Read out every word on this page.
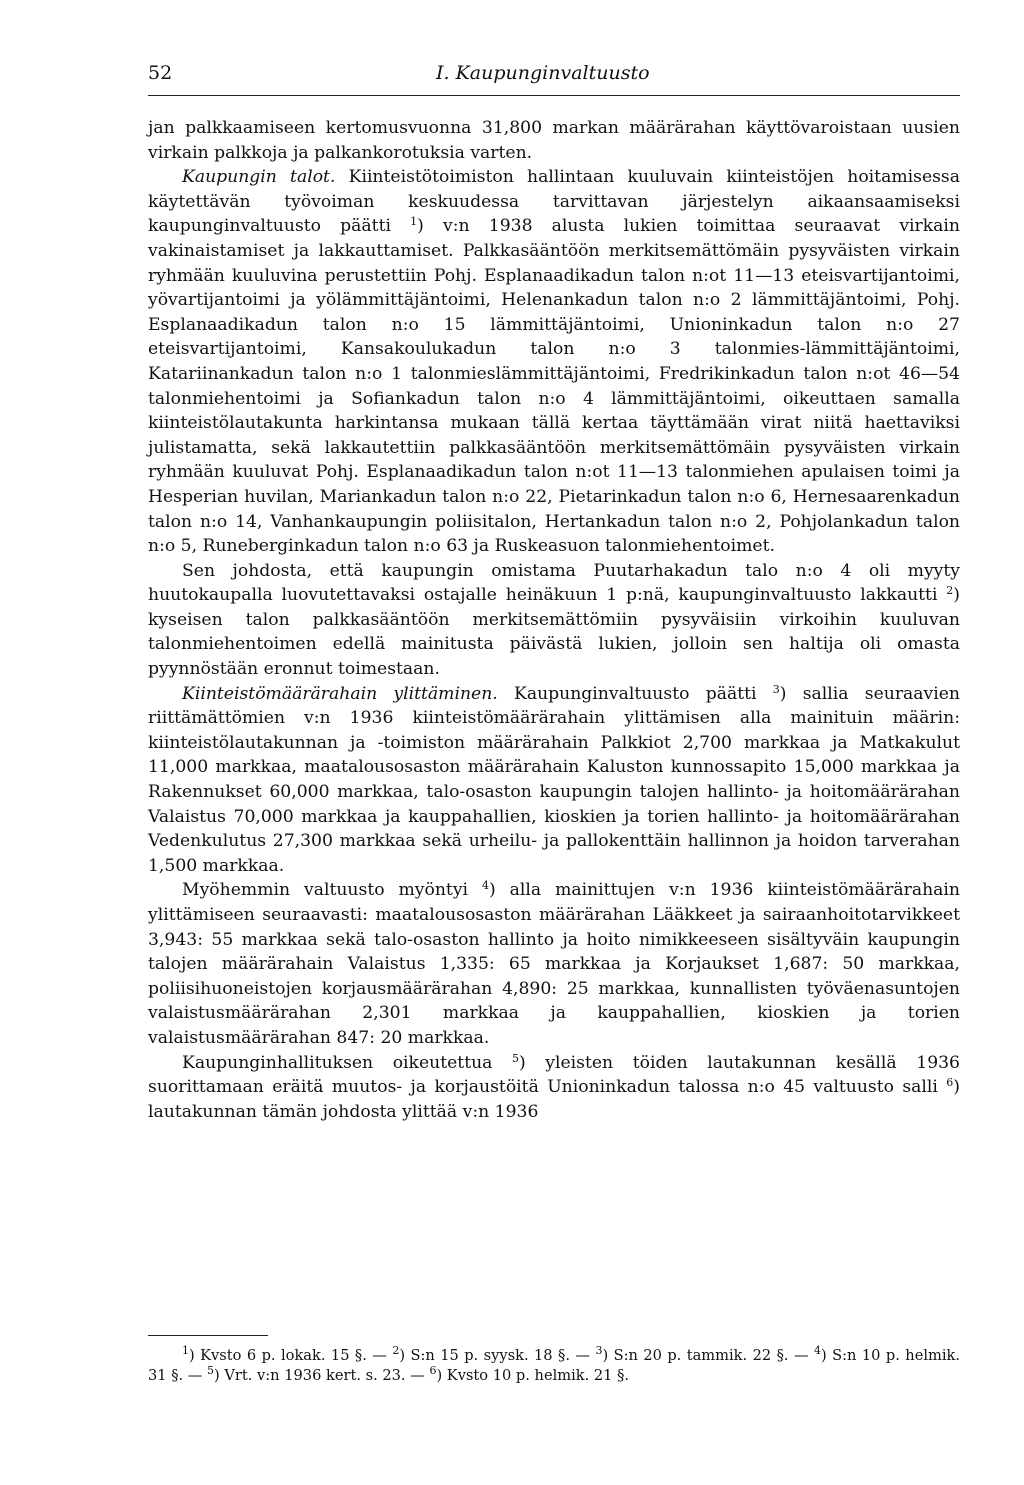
52	I. Kaupunginvaltuusto

jan palkkaamiseen kertomusvuonna 31,800 markan määrärahan käyttövaroistaan uusien virkain palkkoja ja palkankorotuksia varten.

Kaupungin talot. Kiinteistötoimiston hallintaan kuuluvain kiinteistöjen hoitamisessa käytettävän työvoiman keskuudessa tarvittavan järjestelyn aikaansaamiseksi kaupunginvaltuusto päätti $^1$) v:n 1938 alusta lukien toimittaa seuraavat virkain vakinaistamiset ja lakkauttamiset. Palkkasääntöön merkitsemättömäin pysyväisten virkain ryhmään kuuluvina perustettiin Pohj. Esplanaadikadun talon n:ot 11—13 eteisvartijantoimi, yövartijantoimi ja yölämmittäjäntoimi, Helenankadun talon n:o 2 lämmittäjäntoimi, Pohj. Esplanaadikadun talon n:o 15 lämmittäjäntoimi, Unioninkadun talon n:o 27 eteisvartijantoimi, Kansakoulukadun talon n:o 3 talonmies-lämmittäjäntoimi, Katariinankadun talon n:o 1 talonmieslämmittäjäntoimi, Fredrikinkadun talon n:ot 46—54 talonmiehentoimi ja Sofiankadun talon n:o 4 lämmittäjäntoimi, oikeuttaen samalla kiinteistölautakunta harkintansa mukaan tällä kertaa täyttämään virat niitä haettaviksi julistamatta, sekä lakkautettiin palkkasääntöön merkitsemättömäin pysyväisten virkain ryhmään kuuluvat Pohj. Esplanaadikadun talon n:ot 11—13 talonmiehen apulaisen toimi ja Hesperian huvilan, Mariankadun talon n:o 22, Pietarinkadun talon n:o 6, Hernesaarenkadun talon n:o 14, Vanhankaupungin poliisitalon, Hertankadun talon n:o 2, Pohjolankadun talon n:o 5, Runeberginkadun talon n:o 63 ja Ruskeasuon talonmiehentoimet.

Sen johdosta, että kaupungin omistama Puutarhakadun talo n:o 4 oli myyty huutokaupalla luovutettavaksi ostajalle heinäkuun 1 p:nä, kaupunginvaltuusto lakkautti $^2$) kyseisen talon palkkasääntöön merkitsemättömiin pysyväisiin virkoihin kuuluvan talonmiehentoimen edellä mainitusta päivästä lukien, jolloin sen haltija oli omasta pyynnöstään eronnut toimestaan.

Kiinteistömäärärahain ylittäminen. Kaupunginvaltuusto päätti $^3$) sallia seuraavien riittämättömien v:n 1936 kiinteistömäärärahain ylittämisen alla mainituin määrin: kiinteistölautakunnan ja -toimiston määrärahain Palkkiot 2,700 markkaa ja Matkakulut 11,000 markkaa, maatalousosaston määrärahain Kaluston kunnossapito 15,000 markkaa ja Rakennukset 60,000 markkaa, talo-osaston kaupungin talojen hallinto- ja hoitomäärärahan Valaistus 70,000 markkaa ja kauppahallien, kioskien ja torien hallinto- ja hoitomäärärahan Vedenkulutus 27,300 markkaa sekä urheilu- ja pallokenttäin hallinnon ja hoidon tarverahan 1,500 markkaa.

Myöhemmin valtuusto myöntyi $^4$) alla mainittujen v:n 1936 kiinteistömäärärahain ylittämiseen seuraavasti: maatalousosaston määrärahan Lääkkeet ja sairaanhoitotarvikkeet 3,943: 55 markkaa sekä talo-osaston hallinto ja hoito nimikkeeseen sisältyväin kaupungin talojen määrärahain Valaistus 1,335: 65 markkaa ja Korjaukset 1,687: 50 markkaa, poliisihuoneistojen korjausmäärärahan 4,890: 25 markkaa, kunnallisten työväenasuntojen valaistusmäärärahan 2,301 markkaa ja kauppahallien, kioskien ja torien valaistusmäärärahan 847: 20 markkaa.

Kaupunginhallituksen oikeutettua $^5$) yleisten töiden lautakunnan kesällä 1936 suorittamaan eräitä muutos- ja korjaustöitä Unioninkadun talossa n:o 45 valtuusto salli $^6$) lautakunnan tämän johdosta ylittää v:n 1936

$^1$) Kvsto 6 p. lokak. 15 §. — $^2$) S:n 15 p. syysk. 18 §. — $^3$) S:n 20 p. tammik. 22 §. — $^4$) S:n 10 p. helmik. 31 §. — $^5$) Vrt. v:n 1936 kert. s. 23. — $^6$) Kvsto 10 p. helmik. 21 §.
